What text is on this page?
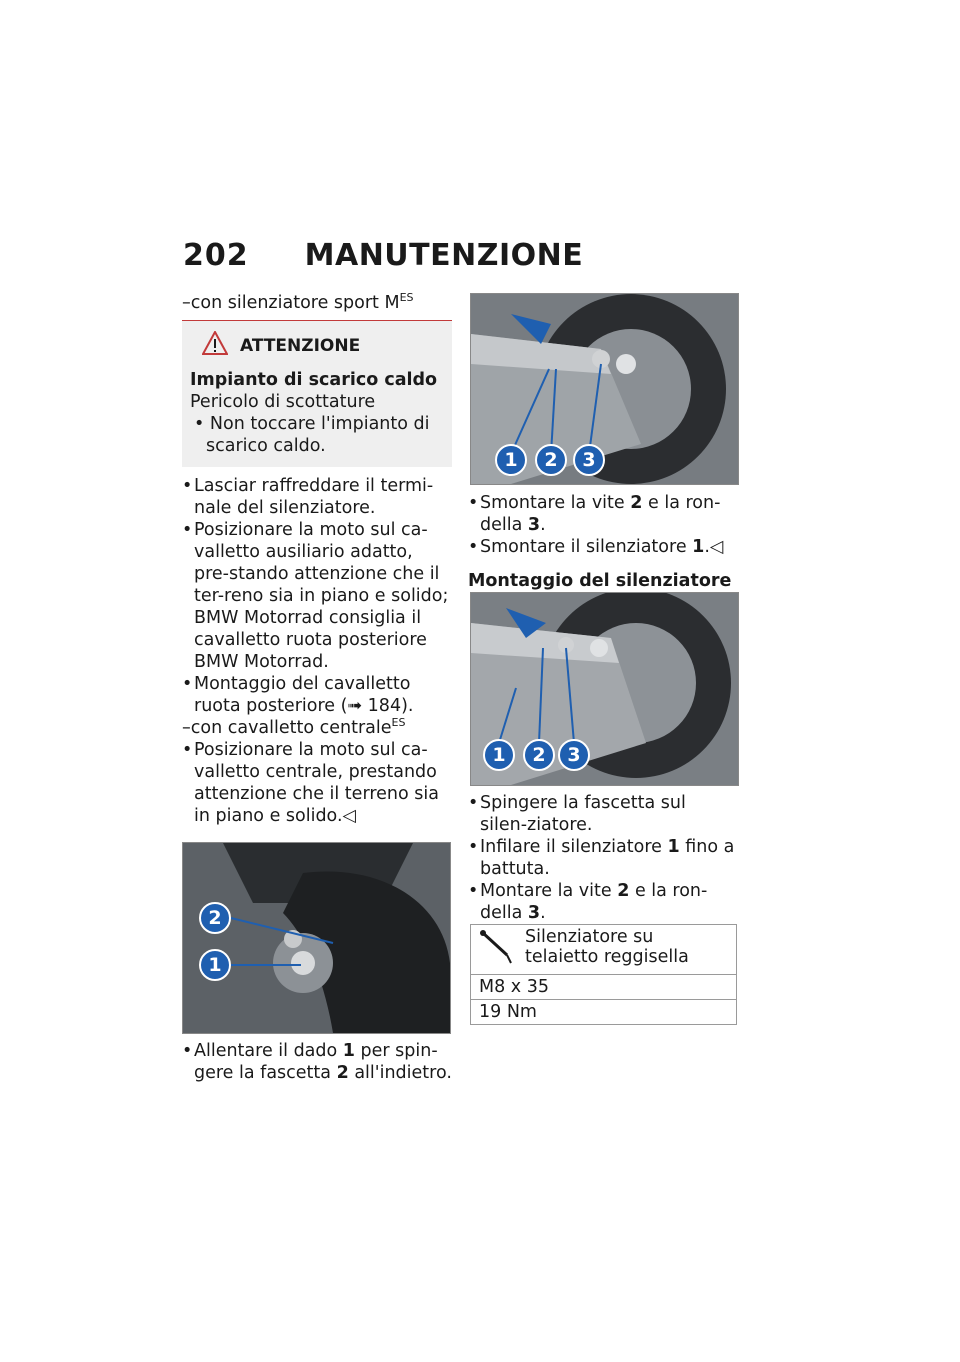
202 MANUTENZIONE
–con silenziatore sport $M^{ES}$
ATTENZIONE
Impianto di scarico caldo
Pericolo di scottature
• Non toccare l'impianto di scarico caldo.
• Lasciar raffreddare il termi-nale del silenziatore.
• Posizionare la moto sul ca-valletto ausiliario adatto, pre-stando attenzione che il ter-reno sia in piano e solido; BMW Motorrad consiglia il cavalletto ruota posteriore BMW Motorrad.
• Montaggio del cavalletto ruota posteriore (➟ 184).
–con cavalletto centrale$^{ES}$
• Posizionare la moto sul ca-valletto centrale, prestando attenzione che il terreno sia in piano e solido.◁
2
1
• Allentare il dado 1 per spin-gere la fascetta 2 all'indietro.
1 2 3
• Smontare la vite 2 e la ron-della 3.
• Smontare il silenziatore 1.◁
Montaggio del silenziatore
1 2 3
• Spingere la fascetta sul silen-ziatore.
• Infilare il silenziatore 1 fino a battuta.
• Montare la vite 2 e la ron-della 3.
Silenziatore su telaietto reggisella

M8 x 35
19 Nm
